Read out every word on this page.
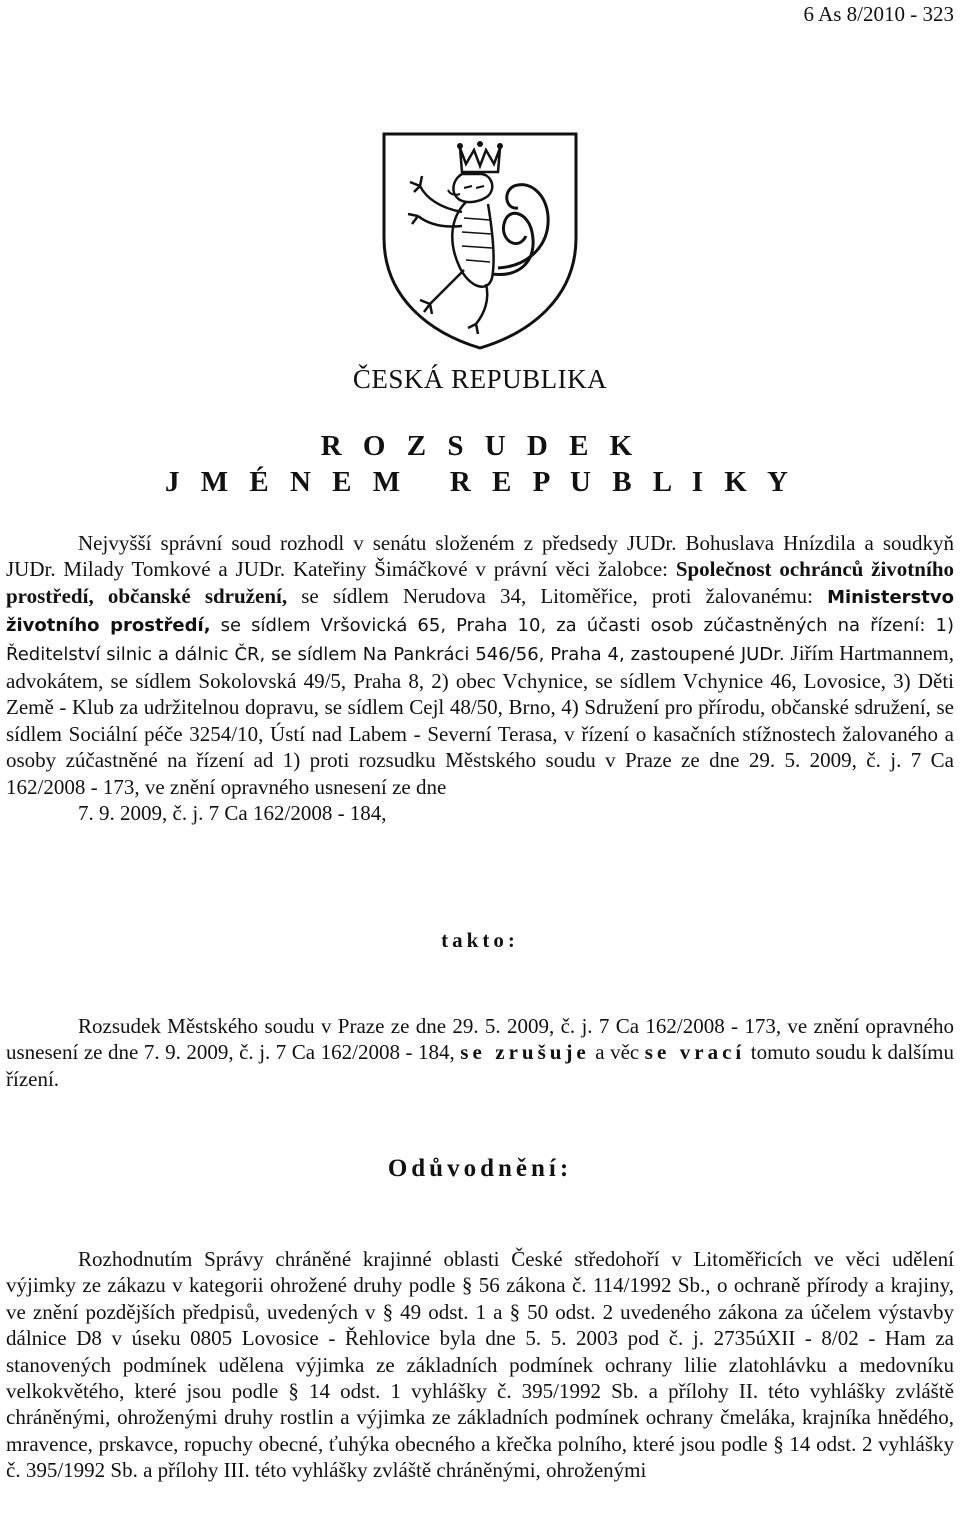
6 As 8/2010 - 323
ČESKÁ REPUBLIKA
R O Z S U D E K
J M É N E M   R E P U B L I K Y
Nejvyšší správní soud rozhodl v senátu složeném z předsedy JUDr. Bohuslava Hnízdila a soudkyň JUDr. Milady Tomkové a JUDr. Kateřiny Šimáčkové v právní věci žalobce: Společnost ochránců životního prostředí, občanské sdružení, se sídlem Nerudova 34, Litoměřice, proti žalovanému: Ministerstvo životního prostředí, se sídlem Vršovická 65, Praha 10, za účasti osob zúčastněných na řízení: 1) Ředitelství silnic a dálnic ČR, se sídlem Na Pankráci 546/56, Praha 4, zastoupené JUDr. Jiřím Hartmannem, advokátem, se sídlem Sokolovská 49/5, Praha 8, 2) obec Vchynice, se sídlem Vchynice 46, Lovosice, 3) Děti Země - Klub za udržitelnou dopravu, se sídlem Cejl 48/50, Brno, 4) Sdružení pro přírodu, občanské sdružení, se sídlem Sociální péče 3254/10, Ústí nad Labem - Severní Terasa, v řízení o kasačních stížnostech žalovaného a osoby zúčastněné na řízení ad 1) proti rozsudku Městského soudu v Praze ze dne 29. 5. 2009, č. j. 7 Ca 162/2008 - 173, ve znění opravného usnesení ze dne
7. 9. 2009, č. j. 7 Ca 162/2008 - 184,
takto:
Rozsudek Městského soudu v Praze ze dne 29. 5. 2009, č. j. 7 Ca 162/2008 - 173, ve znění opravného usnesení ze dne 7. 9. 2009, č. j. 7 Ca 162/2008 - 184, se zrušuje a věc se vrací tomuto soudu k dalšímu řízení.
Odůvodnění:
Rozhodnutím Správy chráněné krajinné oblasti České středohoří v Litoměřicích ve věci udělení výjimky ze zákazu v kategorii ohrožené druhy podle § 56 zákona č. 114/1992 Sb., o ochraně přírody a krajiny, ve znění pozdějších předpisů, uvedených v § 49 odst. 1 a § 50 odst. 2 uvedeného zákona za účelem výstavby dálnice D8 v úseku 0805 Lovosice - Řehlovice byla dne 5. 5. 2003 pod č. j. 2735úXII - 8/02 - Ham za stanovených podmínek udělena výjimka ze základních podmínek ochrany lilie zlatohlávku a medovníku velkokvětého, které jsou podle § 14 odst. 1 vyhlášky č. 395/1992 Sb. a přílohy II. této vyhlášky zvláště chráněnými, ohroženými druhy rostlin a výjimka ze základních podmínek ochrany čmeláka, krajníka hnědého, mravence, prskavce, ropuchy obecné, ťuhýka obecného a křečka polního, které jsou podle § 14 odst. 2 vyhlášky č. 395/1992 Sb. a přílohy III. této vyhlášky zvláště chráněnými, ohroženými
